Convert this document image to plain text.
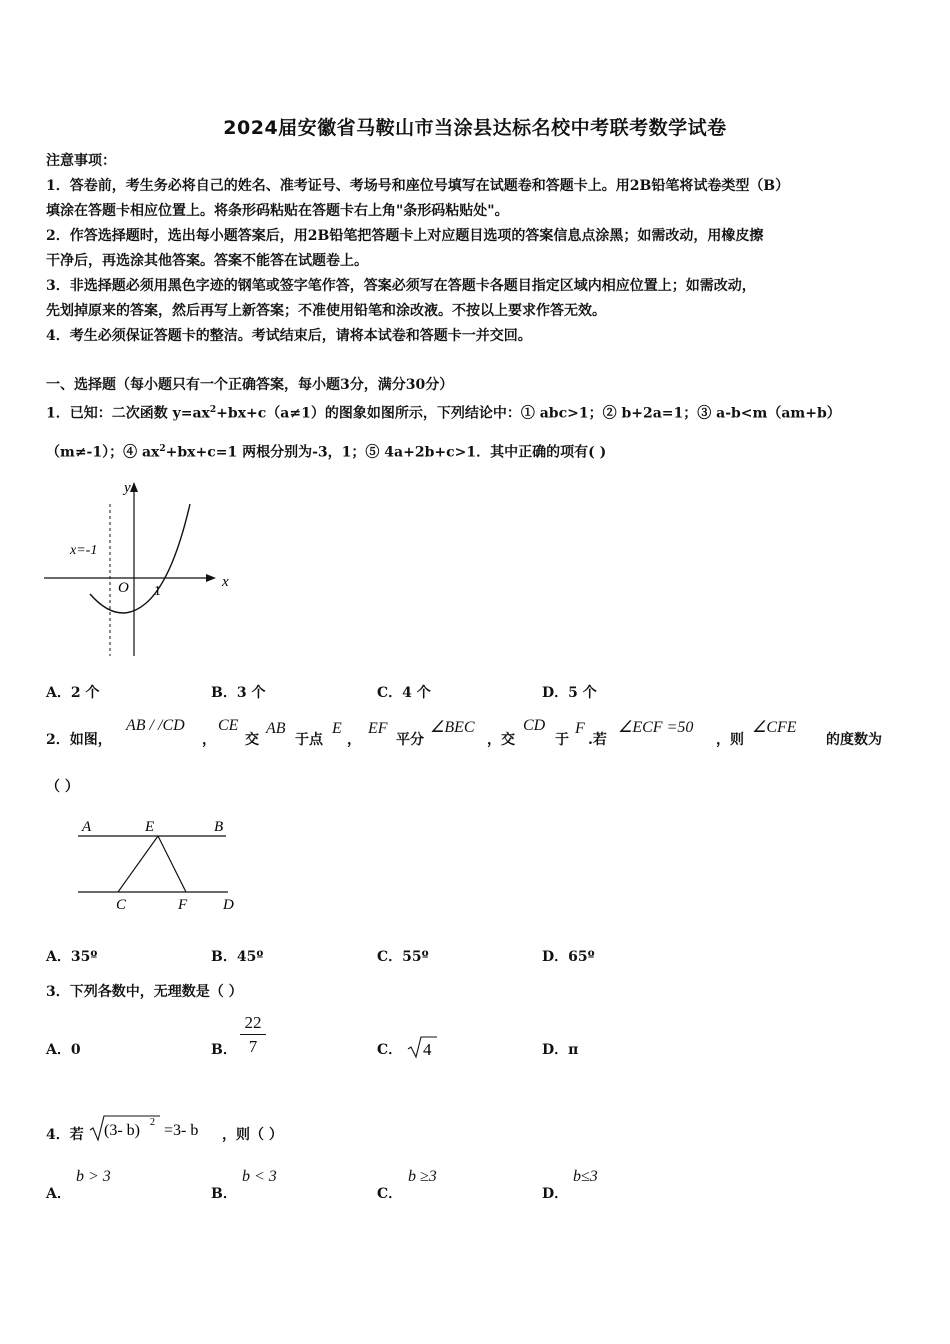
2024届安徽省马鞍山市当涂县达标名校中考联考数学试卷
注意事项：
1．答卷前，考生务必将自己的姓名、准考证号、考场号和座位号填写在试题卷和答题卡上。用2B铅笔将试卷类型（B）
填涂在答题卡相应位置上。将条形码粘贴在答题卡右上角"条形码粘贴处"。
2．作答选择题时，选出每小题答案后，用2B铅笔把答题卡上对应题目选项的答案信息点涂黑；如需改动，用橡皮擦
干净后，再选涂其他答案。答案不能答在试题卷上。
3．非选择题必须用黑色字迹的钢笔或签字笔作答，答案必须写在答题卡各题目指定区域内相应位置上；如需改动，
先划掉原来的答案，然后再写上新答案；不准使用铅笔和涂改液。不按以上要求作答无效。
4．考生必须保证答题卡的整洁。考试结束后，请将本试卷和答题卡一并交回。
一、选择题（每小题只有一个正确答案，每小题3分，满分30分）
1．已知：二次函数 $y=ax^2+bx+c(a\ne 1)$的图象如图所示，下列结论中：① abc>1；② b+2a=1；③ a-b<m（am+b）
（m≠-1）；④ $ax^2+bx+c=1$ 两根分别为-3，1；⑤ 4a+2b+c>1．其中正确的项有( )
y
x
x=-1
O 1
A．2 个	B．3 个	C．4 个	D．5 个
2．如图，
AB / /CD
，
CE
交
AB
于点
E
，
EF
平分
∠BEC
，交
CD
于
F
.若
∠ECF =50
，则
∠CFE
的度数为
（ ）
A	E	B
C	F D
A．35º	B．45º	C．55º	D．65º
3．下列各数中，无理数是（ ）
A．0	B． $\frac{22}{7}$	C． 4	D．π
4．若 (3- b) 2 =3- b ，则（ ）
A．
b > 3
B．
b < 3
C．
b ≥3
D．
b≤3
